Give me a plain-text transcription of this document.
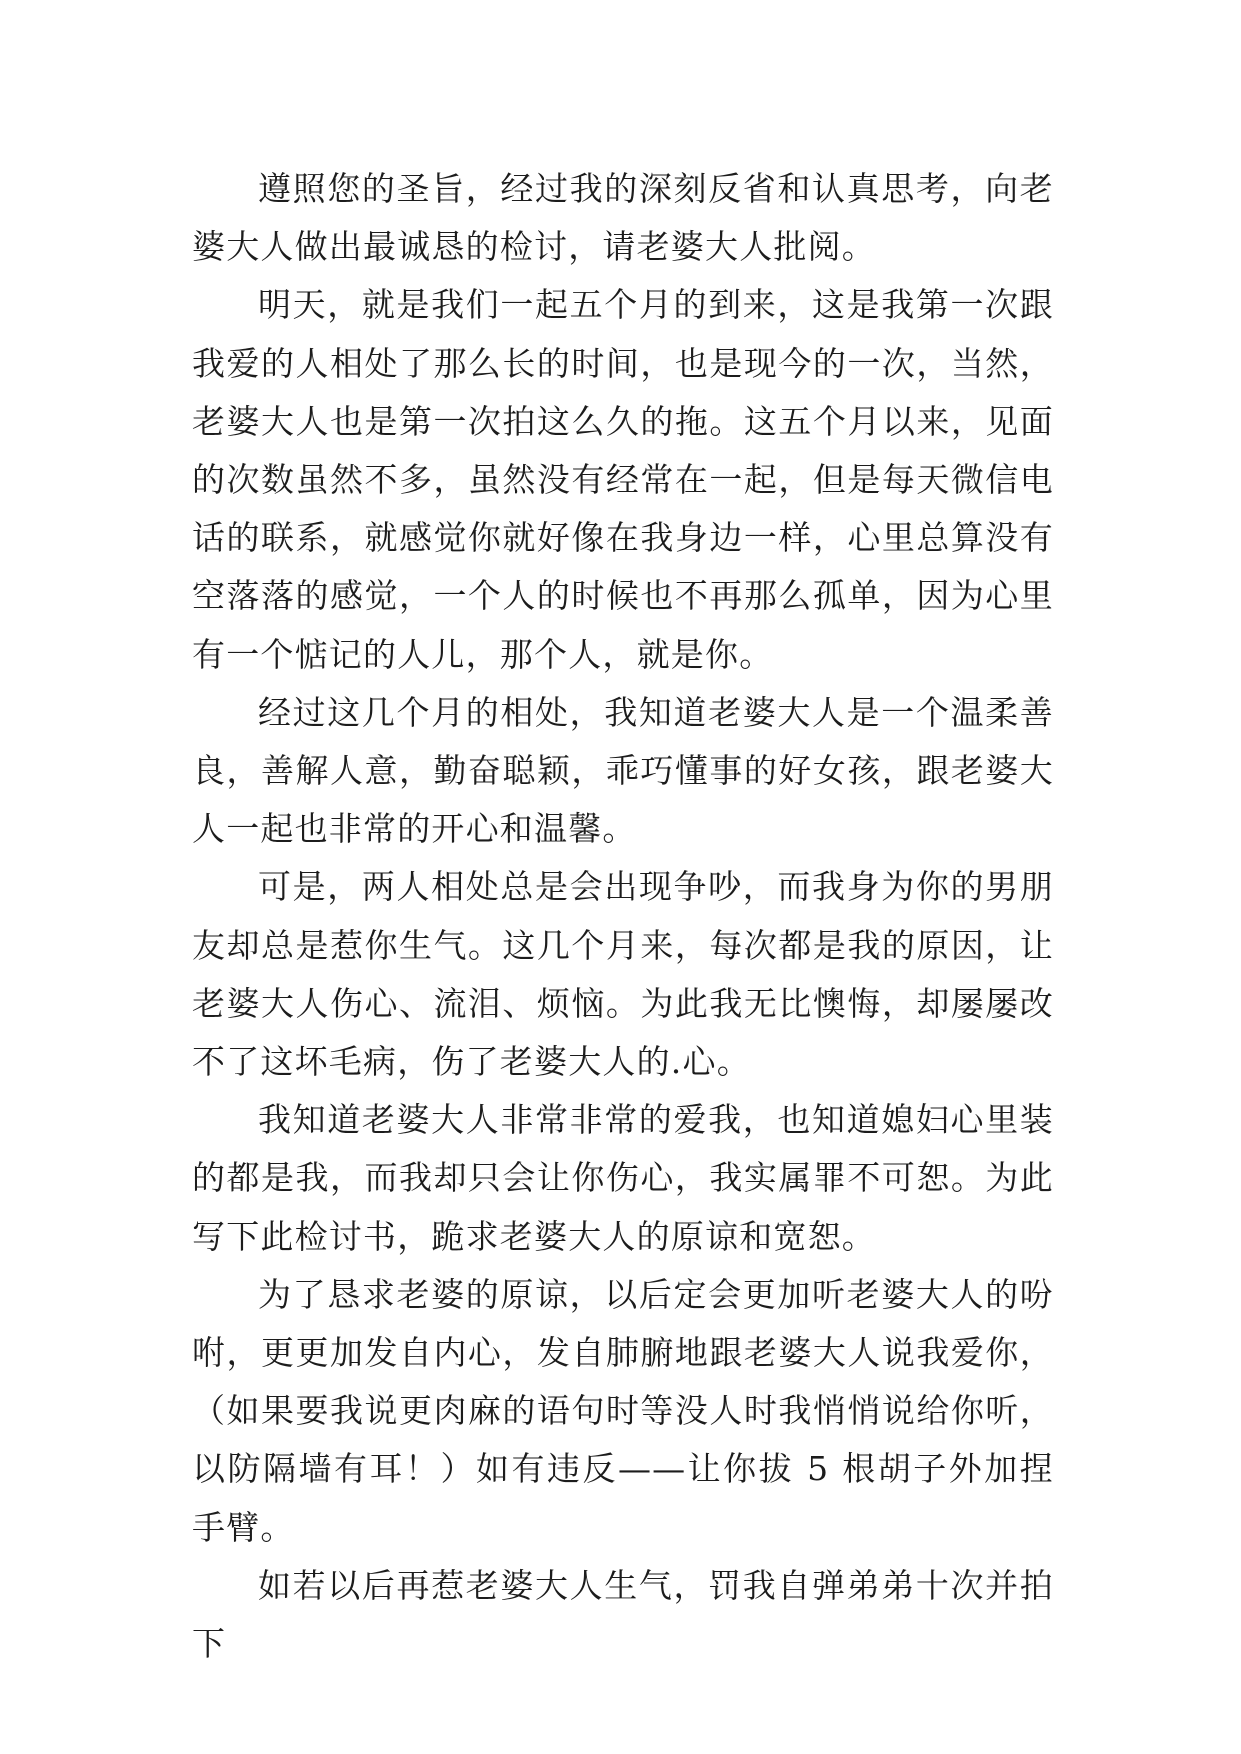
遵照您的圣旨，经过我的深刻反省和认真思考，向老婆大人做出最诚恳的检讨，请老婆大人批阅。

明天，就是我们一起五个月的到来，这是我第一次跟我爱的人相处了那么长的时间，也是现今的一次，当然，老婆大人也是第一次拍这么久的拖。这五个月以来，见面的次数虽然不多，虽然没有经常在一起，但是每天微信电话的联系，就感觉你就好像在我身边一样，心里总算没有空落落的感觉，一个人的时候也不再那么孤单，因为心里有一个惦记的人儿，那个人，就是你。

经过这几个月的相处，我知道老婆大人是一个温柔善良，善解人意，勤奋聪颖，乖巧懂事的好女孩，跟老婆大人一起也非常的开心和温馨。

可是，两人相处总是会出现争吵，而我身为你的男朋友却总是惹你生气。这几个月来，每次都是我的原因，让老婆大人伤心、流泪、烦恼。为此我无比懊悔，却屡屡改不了这坏毛病，伤了老婆大人的.心。

我知道老婆大人非常非常的爱我，也知道媳妇心里装的都是我，而我却只会让你伤心，我实属罪不可恕。为此写下此检讨书，跪求老婆大人的原谅和宽恕。

为了恳求老婆的原谅，以后定会更加听老婆大人的吩咐，更更加发自内心，发自肺腑地跟老婆大人说我爱你，（如果要我说更肉麻的语句时等没人时我悄悄说给你听，以防隔墙有耳！）如有违反——让你拔 5 根胡子外加捏手臂。

如若以后再惹老婆大人生气，罚我自弹弟弟十次并拍下
